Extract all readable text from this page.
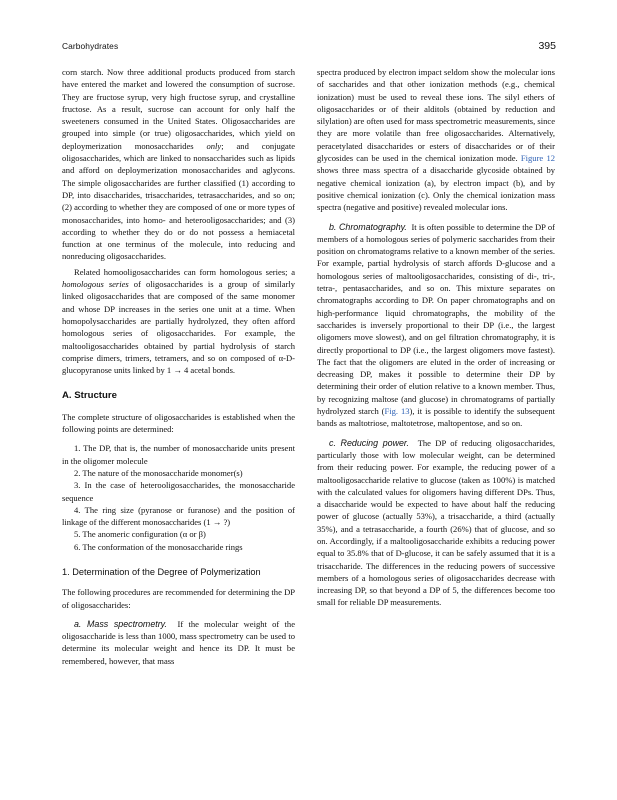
Carbohydrates	395

corn starch. Now three additional products produced from starch have entered the market and lowered the consumption of sucrose. They are fructose syrup, very high fructose syrup, and crystalline fructose. As a result, sucrose can account for only half the sweeteners consumed in the United States. Oligosaccharides are grouped into simple (or true) oligosaccharides, which yield on deploymerization monosaccharides only; and conjugate oligosaccharides, which are linked to nonsaccharides such as lipids and afford on deploymerization monosaccharides and aglycons. The simple oligosaccharides are further classified (1) according to DP, into disaccharides, trisaccharides, tetrasaccharides, and so on; (2) according to whether they are composed of one or more types of monosaccharides, into homo- and heterooligosaccharides; and (3) according to whether they do or do not possess a hemiacetal function at one terminus of the molecule, into reducing and nonreducing oligosaccharides.

Related homooligosaccharides can form homologous series; a homologous series of oligosaccharides is a group of similarly linked oligosaccharides that are composed of the same monomer and whose DP increases in the series one unit at a time. When homopolysaccharides are partially hydrolyzed, they often afford homologous series of oligosaccharides. For example, the maltooligosaccharides obtained by partial hydrolysis of starch comprise dimers, trimers, tetramers, and so on composed of α-D-glucopyranose units linked by 1 → 4 acetal bonds.

A. Structure

The complete structure of oligosaccharides is established when the following points are determined:

1. The DP, that is, the number of monosaccharide units present in the oligomer molecule

2. The nature of the monosaccharide monomer(s)

3. In the case of heterooligosaccharides, the monosaccharide sequence

4. The ring size (pyranose or furanose) and the position of linkage of the different monosaccharides (1 → ?)

5. The anomeric configuration (α or β)

6. The conformation of the monosaccharide rings

1. Determination of the Degree of Polymerization

The following procedures are recommended for determining the DP of oligosaccharides:

a. Mass spectrometry. If the molecular weight of the oligosaccharide is less than 1000, mass spectrometry can be used to determine its molecular weight and hence its DP. It must be remembered, however, that mass

spectra produced by electron impact seldom show the molecular ions of saccharides and that other ionization methods (e.g., chemical ionization) must be used to reveal these ions. The silyl ethers of oligosaccharides or of their alditols (obtained by reduction and silylation) are often used for mass spectrometric measurements, since they are more volatile than free oligosaccharides. Alternatively, peracetylated disaccharides or esters of disaccharides or of their glycosides can be used in the chemical ionization mode. Figure 12 shows three mass spectra of a disaccharide glycoside obtained by negative chemical ionization (a), by electron impact (b), and by positive chemical ionization (c). Only the chemical ionization mass spectra (negative and positive) revealed molecular ions.

b. Chromatography. It is often possible to determine the DP of members of a homologous series of polymeric saccharides from their position on chromatograms relative to a known member of the series. For example, partial hydrolysis of starch affords D-glucose and a homologous series of maltooligosaccharides, consisting of di-, tri-, tetra-, pentasaccharides, and so on. This mixture separates on chromatographs according to DP. On paper chromatographs and on high-performance liquid chromatographs, the mobility of the saccharides is inversely proportional to their DP (i.e., the largest oligomers move slowest), and on gel filtration chromatography, it is directly proportional to DP (i.e., the largest oligomers move fastest). The fact that the oligomers are eluted in the order of increasing or decreasing DP, makes it possible to determine their DP by determining their order of elution relative to a known member. Thus, by recognizing maltose (and glucose) in chromatograms of partially hydrolyzed starch (Fig. 13), it is possible to identify the subsequent bands as maltotriose, maltotetrose, maltopentose, and so on.

c. Reducing power. The DP of reducing oligosaccharides, particularly those with low molecular weight, can be determined from their reducing power. For example, the reducing power of a maltooligosaccharide relative to glucose (taken as 100%) is matched with the calculated values for oligomers having different DPs. Thus, a disaccharide would be expected to have about half the reducing power of glucose (actually 53%), a trisaccharide, a third (actually 35%), and a tetrasaccharide, a fourth (26%) that of glucose, and so on. Accordingly, if a maltooligosaccharide exhibits a reducing power equal to 35.8% that of D-glucose, it can be safely assumed that it is a trisaccharide. The differences in the reducing powers of successive members of a homologous series of oligosaccharides decrease with increasing DP, so that beyond a DP of 5, the differences become too small for reliable DP measurements.
